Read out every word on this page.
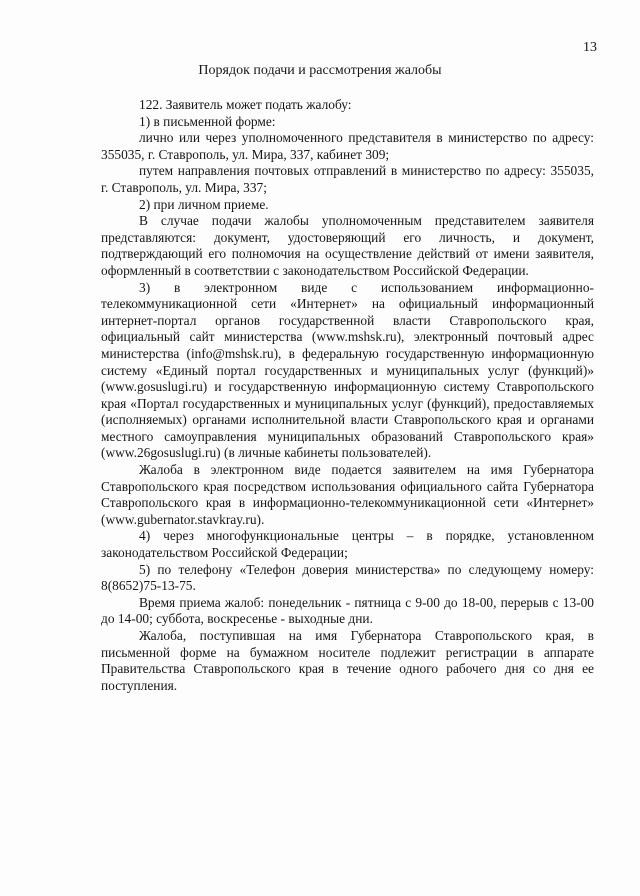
13
Порядок подачи и рассмотрения жалобы

122. Заявитель может подать жалобу:

1) в письменной форме:

лично или через уполномоченного представителя в министерство по адресу: 355035, г. Ставрополь, ул. Мира, 337, кабинет 309;

путем направления почтовых отправлений в министерство по адресу: 355035, г. Ставрополь, ул. Мира, 337;

2) при личном приеме.

В случае подачи жалобы уполномоченным представителем заявителя представляются: документ, удостоверяющий его личность, и документ, подтверждающий его полномочия на осуществление действий от имени заявителя, оформленный в соответствии с законодательством Российской Федерации.

3) в электронном виде с использованием информационно-телекоммуникационной сети «Интернет» на официальный информационный интернет-портал органов государственной власти Ставропольского края, официальный сайт министерства (www.mshsk.ru), электронный почтовый адрес министерства (info@mshsk.ru), в федеральную государственную информационную систему «Единый портал государственных и муниципальных услуг (функций)» (www.gosuslugi.ru) и государственную информационную систему Ставропольского края «Портал государственных и муниципальных услуг (функций), предоставляемых (исполняемых) органами исполнительной власти Ставропольского края и органами местного самоуправления муниципальных образований Ставропольского края» (www.26gosuslugi.ru) (в личные кабинеты пользователей).

Жалоба в электронном виде подается заявителем на имя Губернатора Ставропольского края посредством использования официального сайта Губернатора Ставропольского края в информационно-телекоммуникационной сети «Интернет» (www.gubernator.stavkray.ru).

4) через многофункциональные центры – в порядке, установленном законодательством Российской Федерации;

5) по телефону «Телефон доверия министерства» по следующему номеру: 8(8652)75-13-75.

Время приема жалоб: понедельник - пятница с 9-00 до 18-00, перерыв с 13-00 до 14-00; суббота, воскресенье - выходные дни.

Жалоба, поступившая на имя Губернатора Ставропольского края, в письменной форме на бумажном носителе подлежит регистрации в аппарате Правительства Ставропольского края в течение одного рабочего дня со дня ее поступления.
